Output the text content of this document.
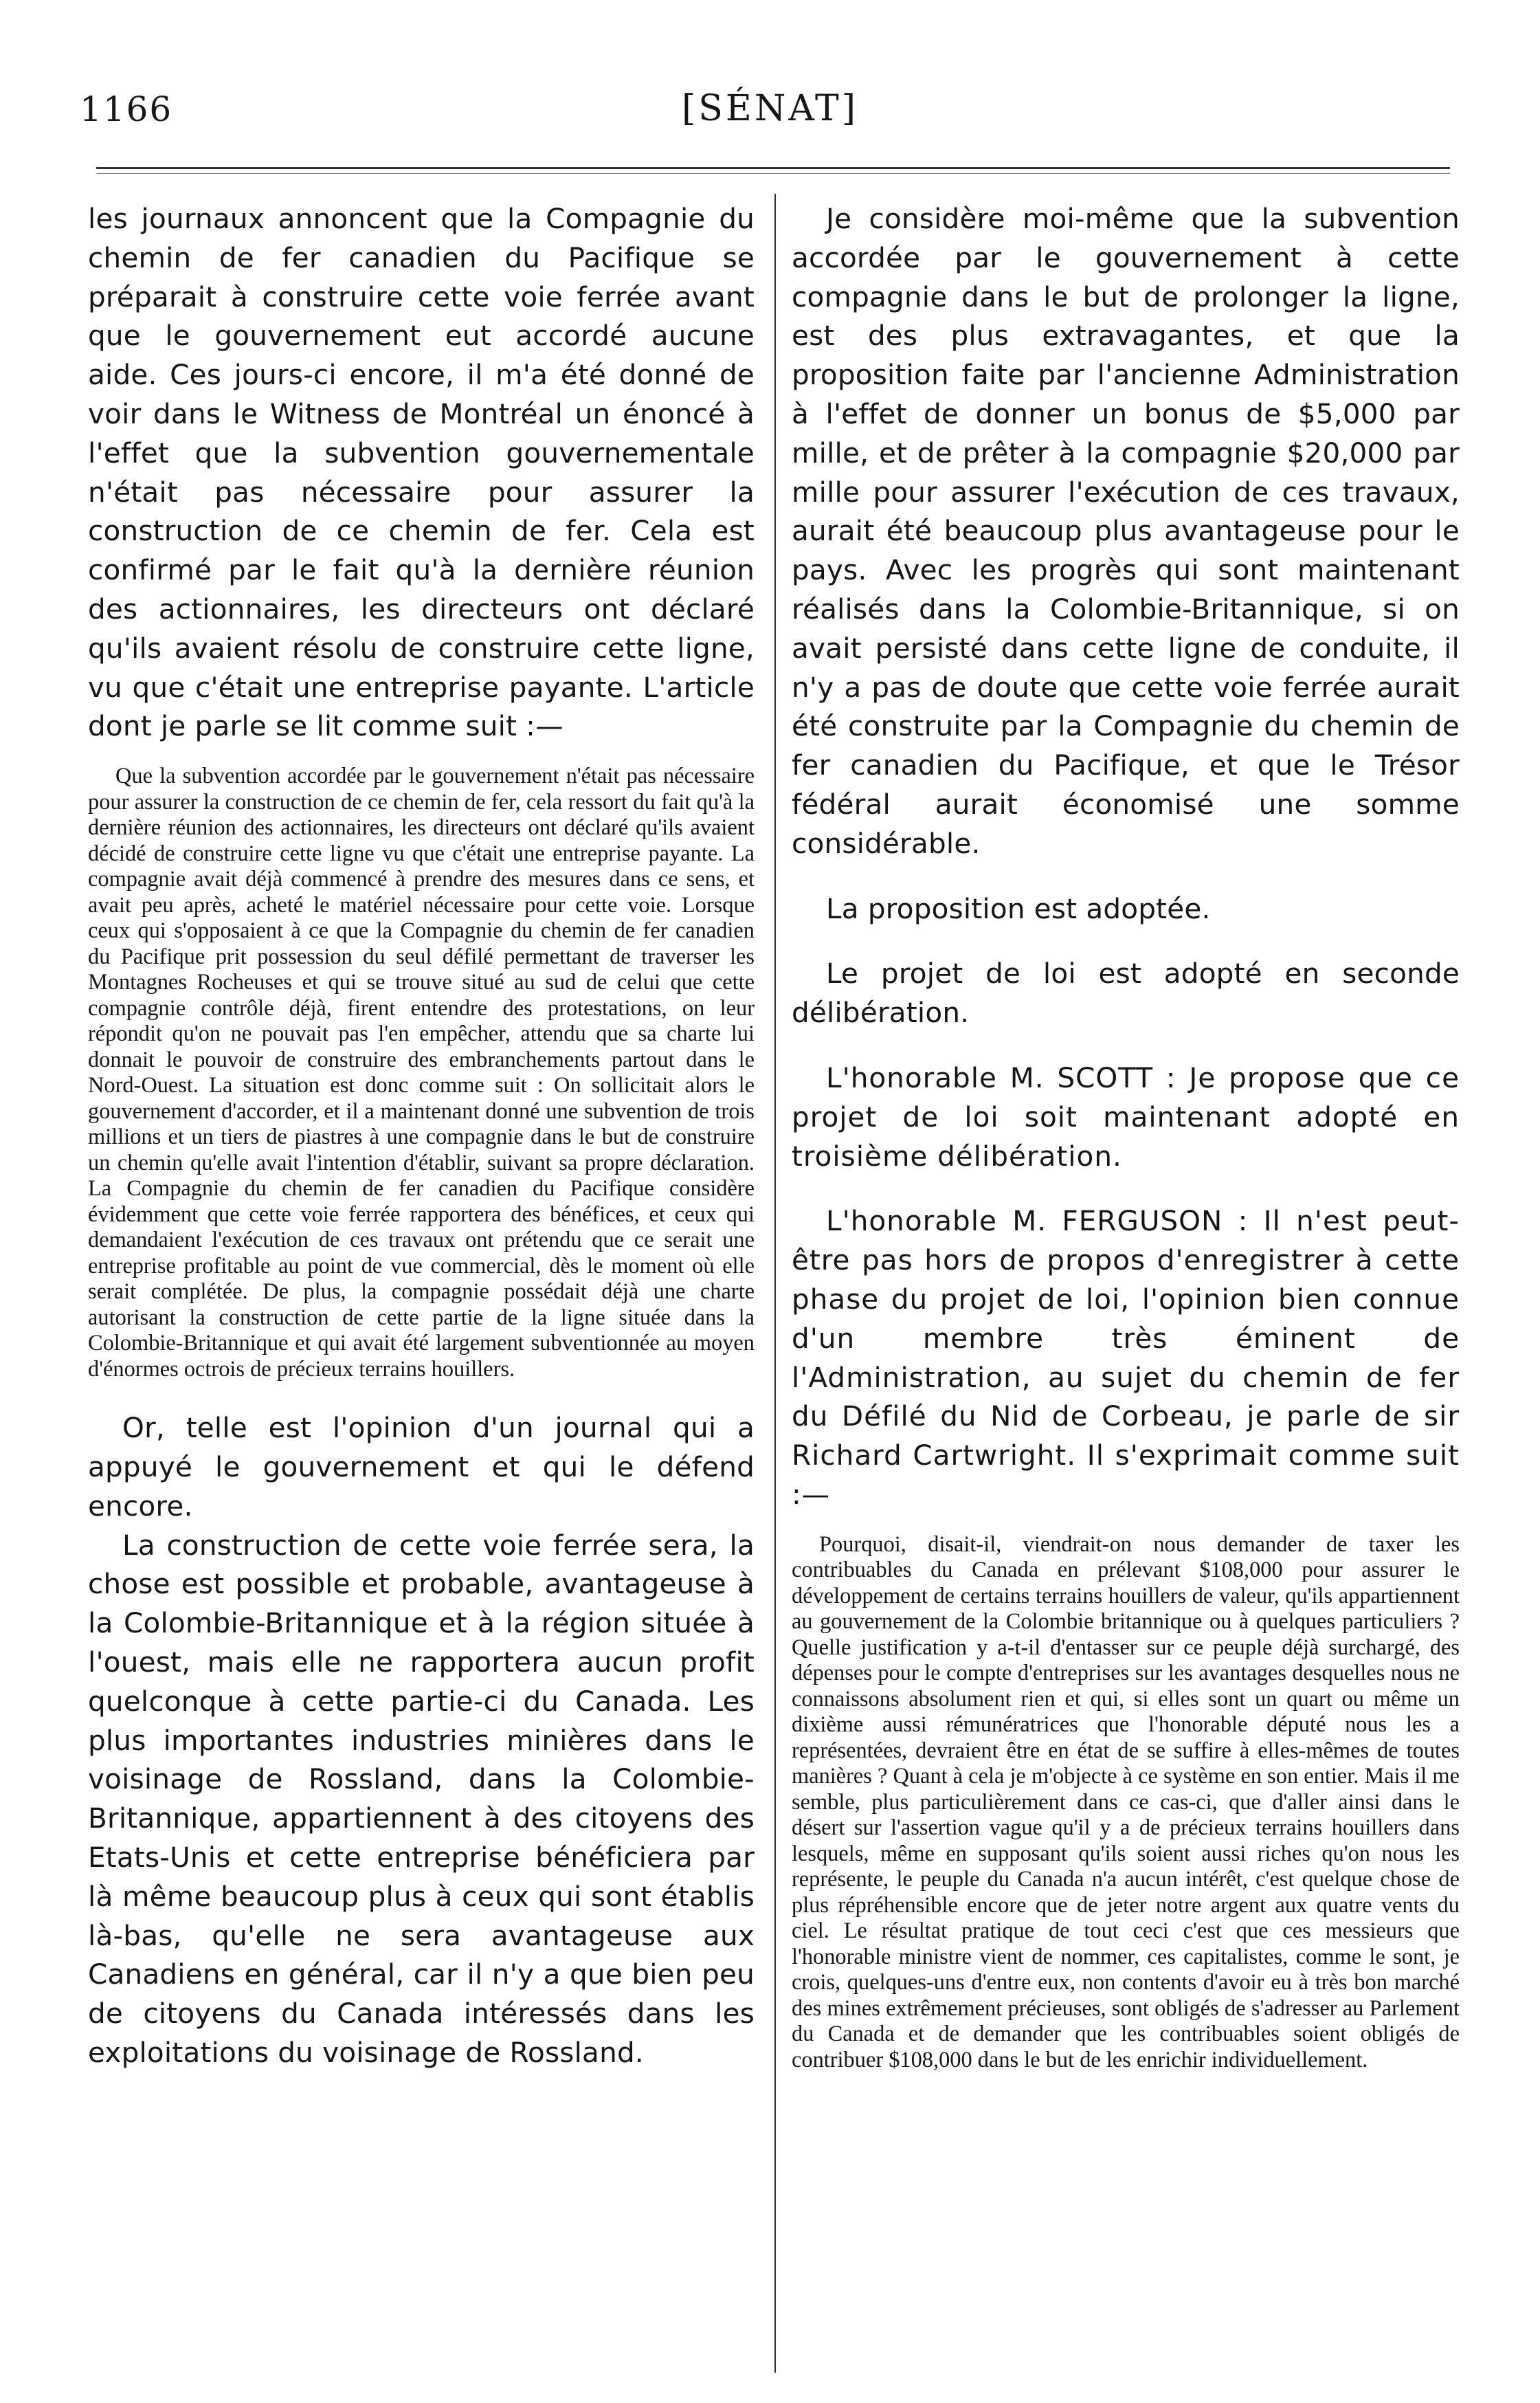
1166	[SÉNAT]

les journaux annoncent que la Compagnie du chemin de fer canadien du Pacifique se préparait à construire cette voie ferrée avant que le gouvernement eut accordé aucune aide. Ces jours-ci encore, il m'a été donné de voir dans le Witness de Montréal un énoncé à l'effet que la subvention gouvernementale n'était pas nécessaire pour assurer la construction de ce chemin de fer. Cela est confirmé par le fait qu'à la dernière réunion des actionnaires, les directeurs ont déclaré qu'ils avaient résolu de construire cette ligne, vu que c'était une entreprise payante. L'article dont je parle se lit comme suit :—

Que la subvention accordée par le gouvernement n'était pas nécessaire pour assurer la construction de ce chemin de fer, cela ressort du fait qu'à la dernière réunion des actionnaires, les directeurs ont déclaré qu'ils avaient décidé de construire cette ligne vu que c'était une entreprise payante. La compagnie avait déjà commencé à prendre des mesures dans ce sens, et avait peu après, acheté le matériel nécessaire pour cette voie. Lorsque ceux qui s'opposaient à ce que la Compagnie du chemin de fer canadien du Pacifique prit possession du seul défilé permettant de traverser les Montagnes Rocheuses et qui se trouve situé au sud de celui que cette compagnie contrôle déjà, firent entendre des protestations, on leur répondit qu'on ne pouvait pas l'en empêcher, attendu que sa charte lui donnait le pouvoir de construire des embranchements partout dans le Nord-Ouest. La situation est donc comme suit : On sollicitait alors le gouvernement d'accorder, et il a maintenant donné une subvention de trois millions et un tiers de piastres à une compagnie dans le but de construire un chemin qu'elle avait l'intention d'établir, suivant sa propre déclaration. La Compagnie du chemin de fer canadien du Pacifique considère évidemment que cette voie ferrée rapportera des bénéfices, et ceux qui demandaient l'exécution de ces travaux ont prétendu que ce serait une entreprise profitable au point de vue commercial, dès le moment où elle serait complétée. De plus, la compagnie possédait déjà une charte autorisant la construction de cette partie de la ligne située dans la Colombie-Britannique et qui avait été largement subventionnée au moyen d'énormes octrois de précieux terrains houillers.

Or, telle est l'opinion d'un journal qui a appuyé le gouvernement et qui le défend encore.

La construction de cette voie ferrée sera, la chose est possible et probable, avantageuse à la Colombie-Britannique et à la région située à l'ouest, mais elle ne rapportera aucun profit quelconque à cette partie-ci du Canada. Les plus importantes industries minières dans le voisinage de Rossland, dans la Colombie-Britannique, appartiennent à des citoyens des Etats-Unis et cette entreprise bénéficiera par là même beaucoup plus à ceux qui sont établis là-bas, qu'elle ne sera avantageuse aux Canadiens en général, car il n'y a que bien peu de citoyens du Canada intéressés dans les exploitations du voisinage de Rossland.

Je considère moi-même que la subvention accordée par le gouvernement à cette compagnie dans le but de prolonger la ligne, est des plus extravagantes, et que la proposition faite par l'ancienne Administration à l'effet de donner un bonus de $5,000 par mille, et de prêter à la compagnie $20,000 par mille pour assurer l'exécution de ces travaux, aurait été beaucoup plus avantageuse pour le pays. Avec les progrès qui sont maintenant réalisés dans la Colombie-Britannique, si on avait persisté dans cette ligne de conduite, il n'y a pas de doute que cette voie ferrée aurait été construite par la Compagnie du chemin de fer canadien du Pacifique, et que le Trésor fédéral aurait économisé une somme considérable.

La proposition est adoptée.

Le projet de loi est adopté en seconde délibération.

L'honorable M. SCOTT : Je propose que ce projet de loi soit maintenant adopté en troisième délibération.

L'honorable M. FERGUSON : Il n'est peut-être pas hors de propos d'enregistrer à cette phase du projet de loi, l'opinion bien connue d'un membre très éminent de l'Administration, au sujet du chemin de fer du Défilé du Nid de Corbeau, je parle de sir Richard Cartwright. Il s'exprimait comme suit :—

Pourquoi, disait-il, viendrait-on nous demander de taxer les contribuables du Canada en prélevant $108,000 pour assurer le développement de certains terrains houillers de valeur, qu'ils appartiennent au gouvernement de la Colombie britannique ou à quelques particuliers ? Quelle justification y a-t-il d'entasser sur ce peuple déjà surchargé, des dépenses pour le compte d'entreprises sur les avantages desquelles nous ne connaissons absolument rien et qui, si elles sont un quart ou même un dixième aussi rémunératrices que l'honorable député nous les a représentées, devraient être en état de se suffire à elles-mêmes de toutes manières ? Quant à cela je m'objecte à ce système en son entier. Mais il me semble, plus particulièrement dans ce cas-ci, que d'aller ainsi dans le désert sur l'assertion vague qu'il y a de précieux terrains houillers dans lesquels, même en supposant qu'ils soient aussi riches qu'on nous les représente, le peuple du Canada n'a aucun intérêt, c'est quelque chose de plus répréhensible encore que de jeter notre argent aux quatre vents du ciel. Le résultat pratique de tout ceci c'est que ces messieurs que l'honorable ministre vient de nommer, ces capitalistes, comme le sont, je crois, quelques-uns d'entre eux, non contents d'avoir eu à très bon marché des mines extrêmement précieuses, sont obligés de s'adresser au Parlement du Canada et de demander que les contribuables soient obligés de contribuer $108,000 dans le but de les enrichir individuellement.
